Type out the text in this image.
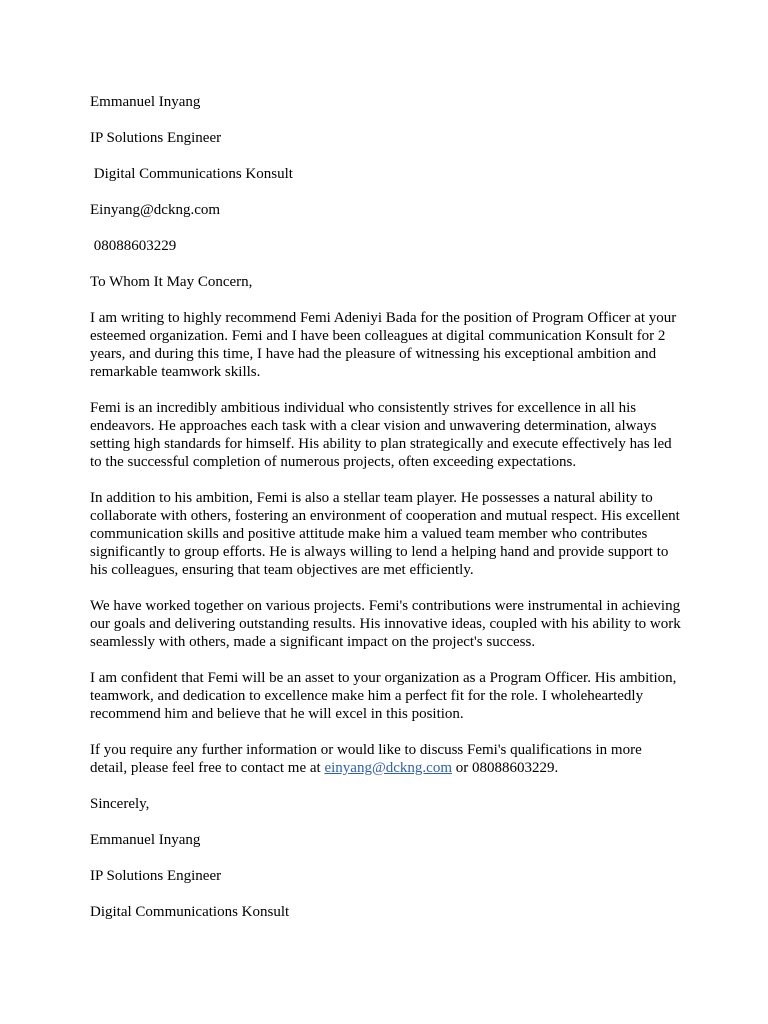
Emmanuel Inyang
IP Solutions Engineer
Digital Communications Konsult
Einyang@dckng.com
08088603229
To Whom It May Concern,

I am writing to highly recommend Femi Adeniyi Bada for the position of Program Officer at your esteemed organization. Femi and I have been colleagues at digital communication Konsult for 2 years, and during this time, I have had the pleasure of witnessing his exceptional ambition and remarkable teamwork skills.

Femi is an incredibly ambitious individual who consistently strives for excellence in all his endeavors. He approaches each task with a clear vision and unwavering determination, always setting high standards for himself. His ability to plan strategically and execute effectively has led to the successful completion of numerous projects, often exceeding expectations.

In addition to his ambition, Femi is also a stellar team player. He possesses a natural ability to collaborate with others, fostering an environment of cooperation and mutual respect. His excellent communication skills and positive attitude make him a valued team member who contributes significantly to group efforts. He is always willing to lend a helping hand and provide support to his colleagues, ensuring that team objectives are met efficiently.

We have worked together on various projects. Femi's contributions were instrumental in achieving our goals and delivering outstanding results. His innovative ideas, coupled with his ability to work seamlessly with others, made a significant impact on the project's success.

I am confident that Femi will be an asset to your organization as a Program Officer. His ambition, teamwork, and dedication to excellence make him a perfect fit for the role. I wholeheartedly recommend him and believe that he will excel in this position.

If you require any further information or would like to discuss Femi's qualifications in more detail, please feel free to contact me at einyang@dckng.com or 08088603229.

Sincerely,
Emmanuel Inyang
IP Solutions Engineer
Digital Communications Konsult
